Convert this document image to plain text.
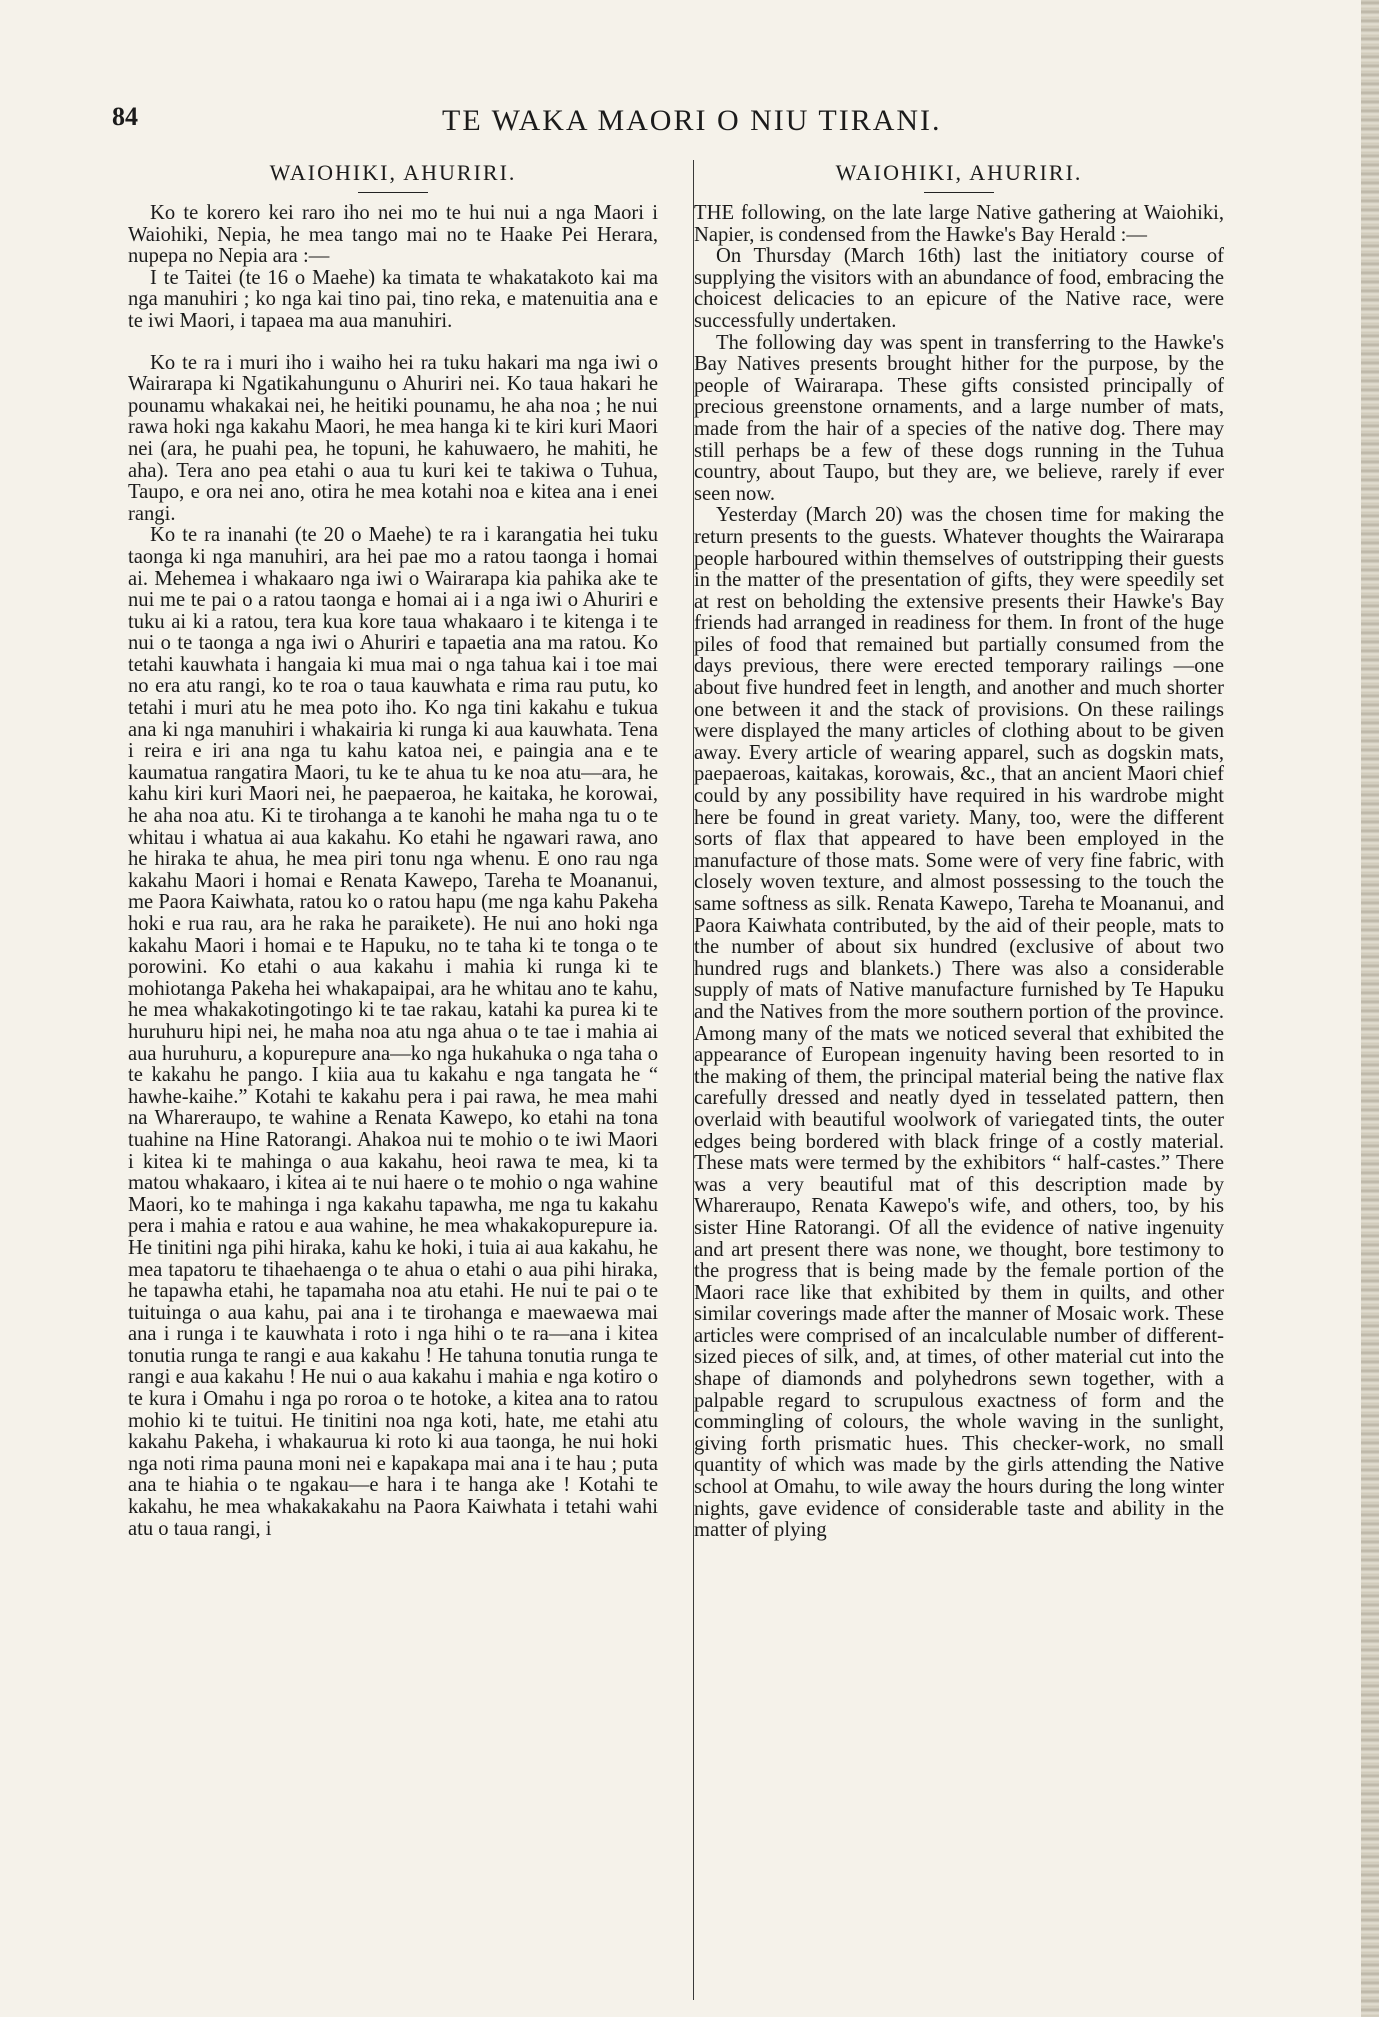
84	TE WAKA MAORI O NIU TIRANI.
WAIOHIKI, AHURIRI.

Ko te korero kei raro iho nei mo te hui nui a nga Maori i Waiohiki, Nepia, he mea tango mai no te Haake Pei Herara, nupepa no Nepia ara :—

I te Taitei (te 16 o Maehe) ka timata te whakatakoto kai ma nga manuhiri ; ko nga kai tino pai, tino reka, e matenuitia ana e te iwi Maori, i tapaea ma aua manuhiri.

Ko te ra i muri iho i waiho hei ra tuku hakari ma nga iwi o Wairarapa ki Ngatikahungunu o Ahuriri nei. Ko taua hakari he pounamu whakakai nei, he heitiki pounamu, he aha noa ; he nui rawa hoki nga kakahu Maori, he mea hanga ki te kiri kuri Maori nei (ara, he puahi pea, he topuni, he kahuwaero, he mahiti, he aha). Tera ano pea etahi o aua tu kuri kei te takiwa o Tuhua, Taupo, e ora nei ano, otira he mea kotahi noa e kitea ana i enei rangi.

Ko te ra inanahi (te 20 o Maehe) te ra i karangatia hei tuku taonga ki nga manuhiri, ara hei pae mo a ratou taonga i homai ai. Mehemea i whakaaro nga iwi o Wairarapa kia pahika ake te nui me te pai o a ratou taonga e homai ai i a nga iwi o Ahuriri e tuku ai ki a ratou, tera kua kore taua whakaaro i te kitenga i te nui o te taonga a nga iwi o Ahuriri e tapaetia ana ma ratou. Ko tetahi kauwhata i hangaia ki mua mai o nga tahua kai i toe mai no era atu rangi, ko te roa o taua kauwhata e rima rau putu, ko tetahi i muri atu he mea poto iho. Ko nga tini kakahu e tukua ana ki nga manuhiri i whakairia ki runga ki aua kauwhata. Tena i reira e iri ana nga tu kahu katoa nei, e paingia ana e te kaumatua rangatira Maori, tu ke te ahua tu ke noa atu—ara, he kahu kiri kuri Maori nei, he paepaeroa, he kaitaka, he korowai, he aha noa atu. Ki te tirohanga a te kanohi he maha nga tu o te whitau i whatua ai aua kakahu. Ko etahi he ngawari rawa, ano he hiraka te ahua, he mea piri tonu nga whenu. E ono rau nga kakahu Maori i homai e Renata Kawepo, Tareha te Moananui, me Paora Kaiwhata, ratou ko o ratou hapu (me nga kahu Pakeha hoki e rua rau, ara he raka he paraikete). He nui ano hoki nga kakahu Maori i homai e te Hapuku, no te taha ki te tonga o te porowini. Ko etahi o aua kakahu i mahia ki runga ki te mohiotanga Pakeha hei whakapaipai, ara he whitau ano te kahu, he mea whakakotingotingo ki te tae rakau, katahi ka purea ki te huruhuru hipi nei, he maha noa atu nga ahua o te tae i mahia ai aua huruhuru, a kopurepure ana—ko nga hukahuka o nga taha o te kakahu he pango. I kiia aua tu kakahu e nga tangata he “ hawhe-kaihe.” Kotahi te kakahu pera i pai rawa, he mea mahi na Whareraupo, te wahine a Renata Kawepo, ko etahi na tona tuahine na Hine Ratorangi. Ahakoa nui te mohio o te iwi Maori i kitea ki te mahinga o aua kakahu, heoi rawa te mea, ki ta matou whakaaro, i kitea ai te nui haere o te mohio o nga wahine Maori, ko te mahinga i nga kakahu tapawha, me nga tu kakahu pera i mahia e ratou e aua wahine, he mea whakakopurepure ia. He tinitini nga pihi hiraka, kahu ke hoki, i tuia ai aua kakahu, he mea tapatoru te tihaehaenga o te ahua o etahi o aua pihi hiraka, he tapawha etahi, he tapamaha noa atu etahi. He nui te pai o te tuituinga o aua kahu, pai ana i te tirohanga e maewaewa mai ana i runga i te kauwhata i roto i nga hihi o te ra—ana i kitea tonutia runga te rangi e aua kakahu ! He tahuna tonutia runga te rangi e aua kakahu ! He nui o aua kakahu i mahia e nga kotiro o te kura i Omahu i nga po roroa o te hotoke, a kitea ana to ratou mohio ki te tuitui. He tinitini noa nga koti, hate, me etahi atu kakahu Pakeha, i whakaurua ki roto ki aua taonga, he nui hoki nga noti rima pauna moni nei e kapakapa mai ana i te hau ; puta ana te hiahia o te ngakau—e hara i te hanga ake ! Kotahi te kakahu, he mea whakakakahu na Paora Kaiwhata i tetahi wahi atu o taua rangi, i

WAIOHIKI, AHURIRI.

THE following, on the late large Native gathering at Waiohiki, Napier, is condensed from the Hawke's Bay Herald :—

On Thursday (March 16th) last the initiatory course of supplying the visitors with an abundance of food, embracing the choicest delicacies to an epicure of the Native race, were successfully undertaken.

The following day was spent in transferring to the Hawke's Bay Natives presents brought hither for the purpose, by the people of Wairarapa. These gifts consisted principally of precious greenstone ornaments, and a large number of mats, made from the hair of a species of the native dog. There may still perhaps be a few of these dogs running in the Tuhua country, about Taupo, but they are, we believe, rarely if ever seen now.

Yesterday (March 20) was the chosen time for making the return presents to the guests. Whatever thoughts the Wairarapa people harboured within themselves of outstripping their guests in the matter of the presentation of gifts, they were speedily set at rest on beholding the extensive presents their Hawke's Bay friends had arranged in readiness for them. In front of the huge piles of food that remained but partially consumed from the days previous, there were erected temporary railings —one about five hundred feet in length, and another and much shorter one between it and the stack of provisions. On these railings were displayed the many articles of clothing about to be given away. Every article of wearing apparel, such as dogskin mats, paepaeroas, kaitakas, korowais, &c., that an ancient Maori chief could by any possibility have required in his wardrobe might here be found in great variety. Many, too, were the different sorts of flax that appeared to have been employed in the manufacture of those mats. Some were of very fine fabric, with closely woven texture, and almost possessing to the touch the same softness as silk. Renata Kawepo, Tareha te Moananui, and Paora Kaiwhata contributed, by the aid of their people, mats to the number of about six hundred (exclusive of about two hundred rugs and blankets.) There was also a considerable supply of mats of Native manufacture furnished by Te Hapuku and the Natives from the more southern portion of the province. Among many of the mats we noticed several that exhibited the appearance of European ingenuity having been resorted to in the making of them, the principal material being the native flax carefully dressed and neatly dyed in tesselated pattern, then overlaid with beautiful woolwork of variegated tints, the outer edges being bordered with black fringe of a costly material. These mats were termed by the exhibitors “ half-castes.” There was a very beautiful mat of this description made by Whareraupo, Renata Kawepo's wife, and others, too, by his sister Hine Ratorangi. Of all the evidence of native ingenuity and art present there was none, we thought, bore testimony to the progress that is being made by the female portion of the Maori race like that exhibited by them in quilts, and other similar coverings made after the manner of Mosaic work. These articles were comprised of an incalculable number of different-sized pieces of silk, and, at times, of other material cut into the shape of diamonds and polyhedrons sewn together, with a palpable regard to scrupulous exactness of form and the commingling of colours, the whole waving in the sunlight, giving forth prismatic hues. This checker-work, no small quantity of which was made by the girls attending the Native school at Omahu, to wile away the hours during the long winter nights, gave evidence of considerable taste and ability in the matter of plying
